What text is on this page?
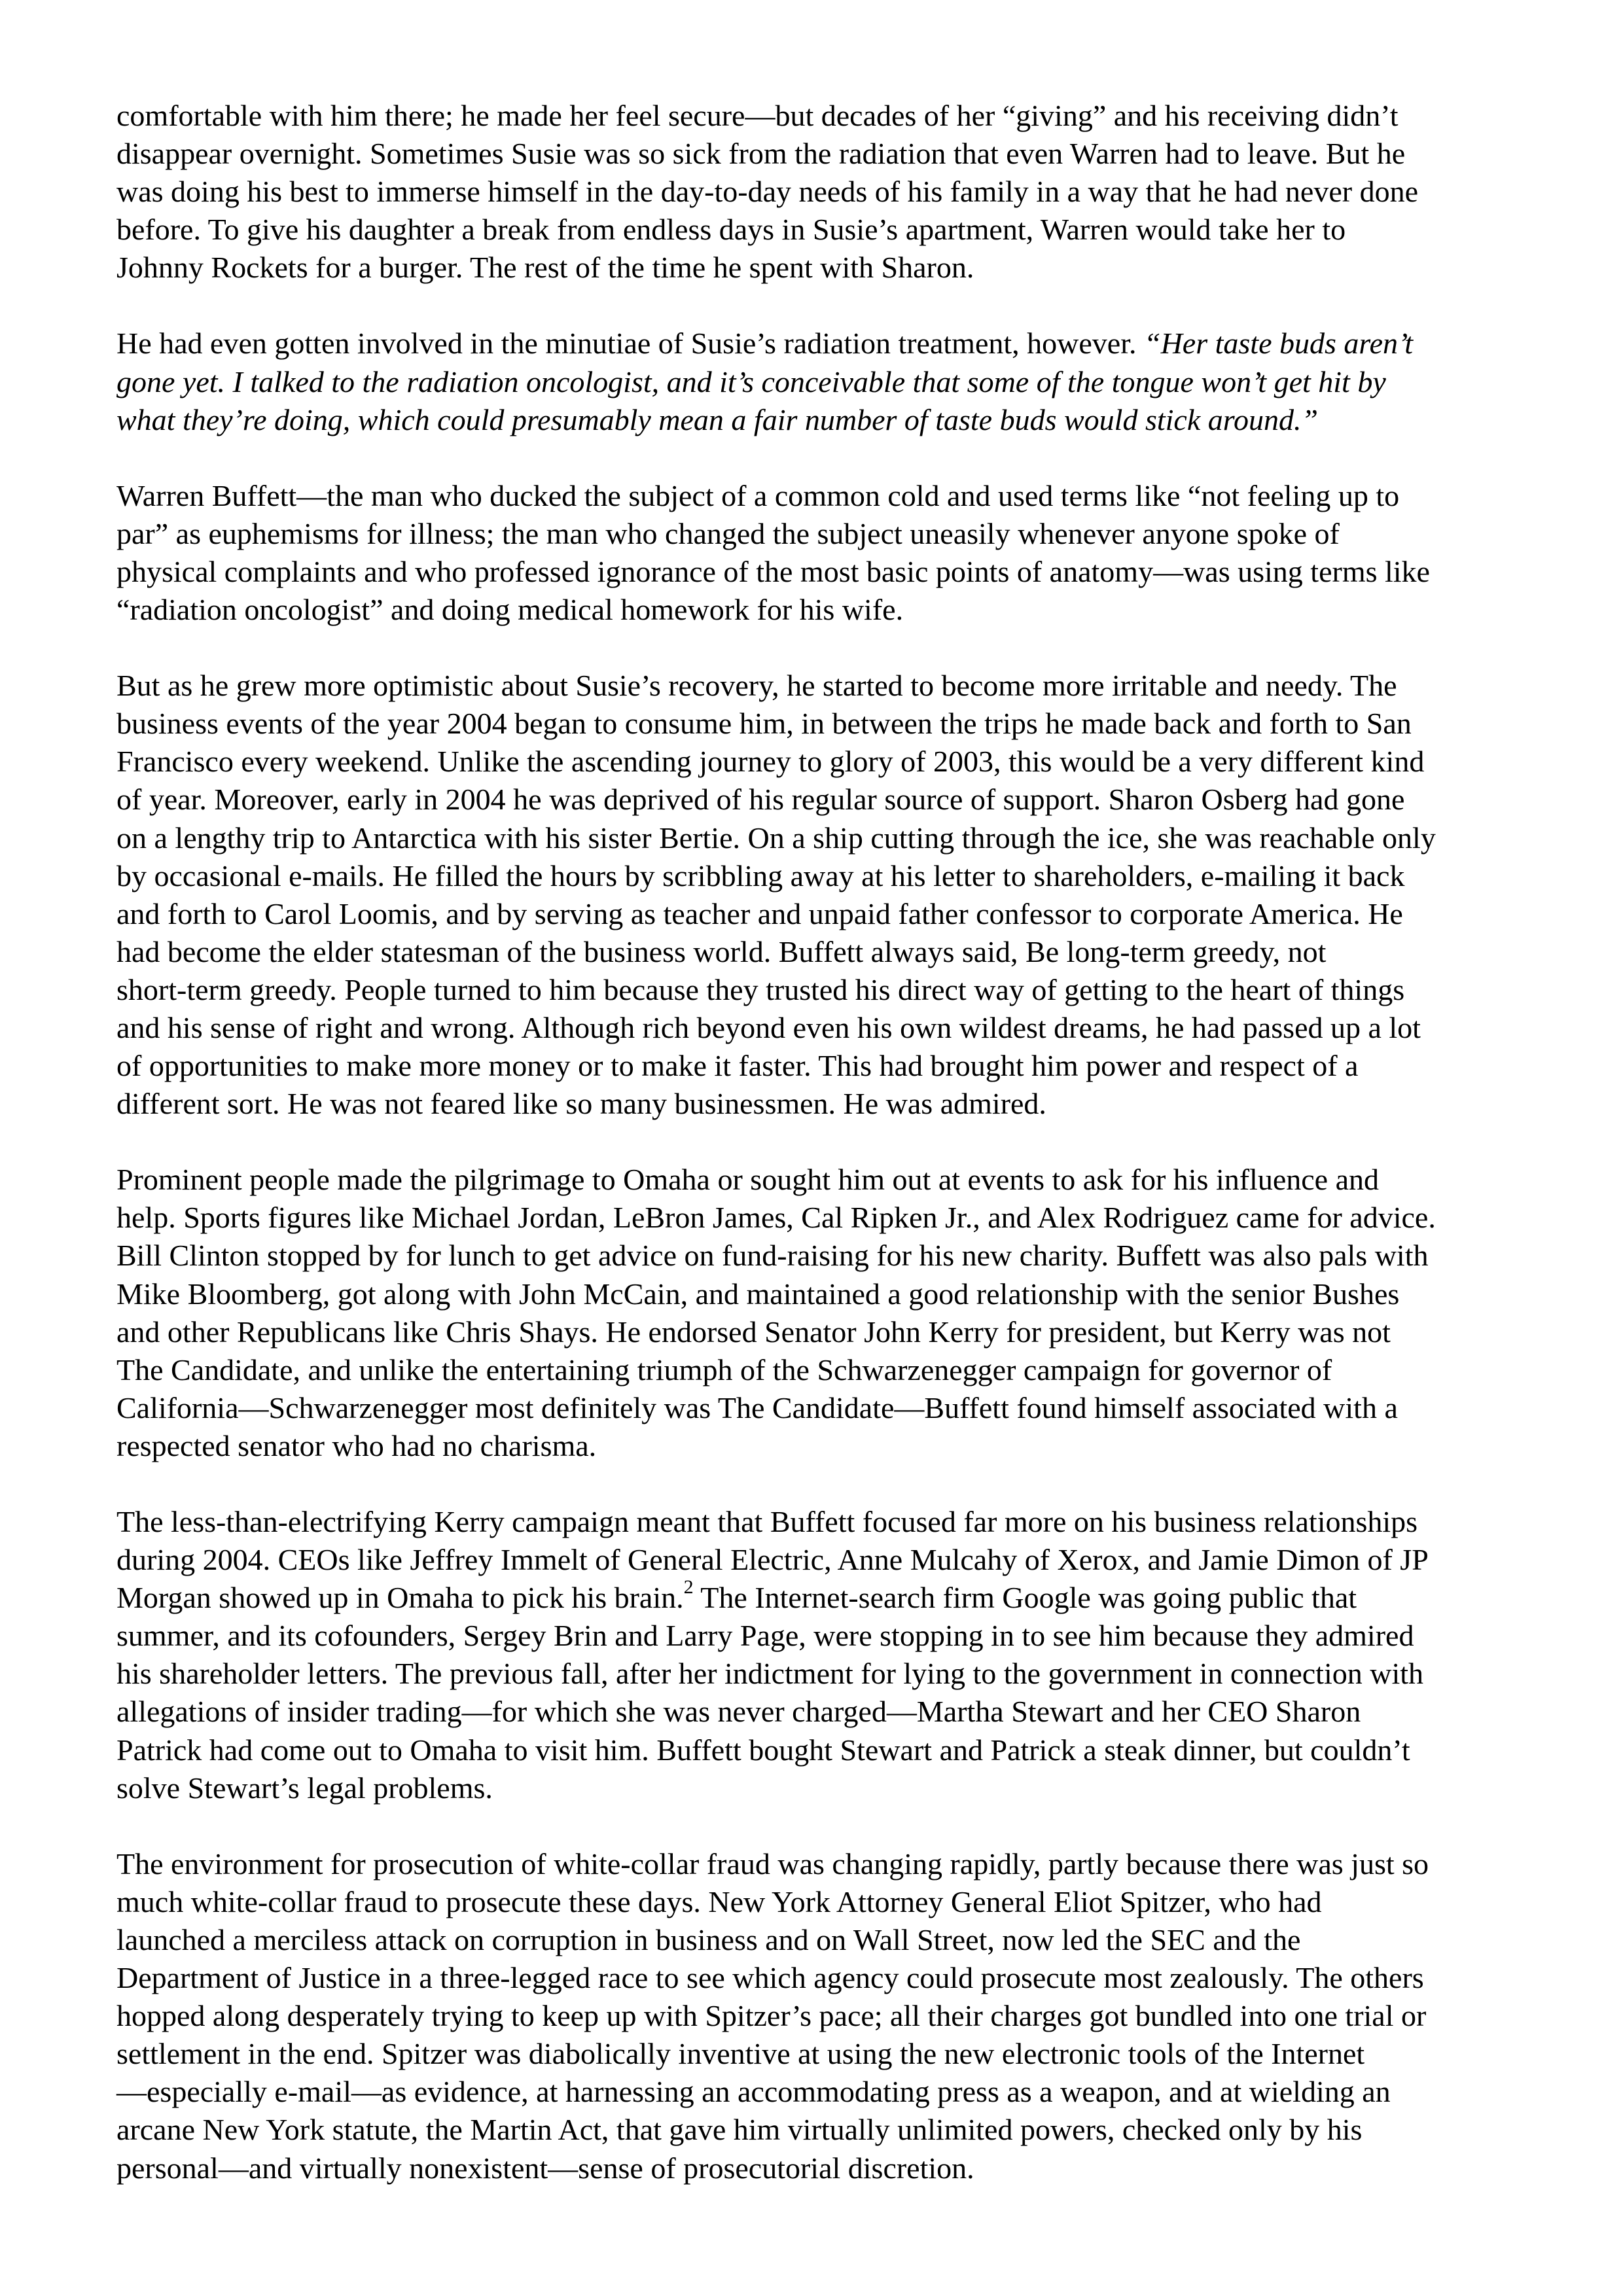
comfortable with him there; he made her feel secure—but decades of her “giving” and his receiving didn’t
disappear overnight. Sometimes Susie was so sick from the radiation that even Warren had to leave. But he
was doing his best to immerse himself in the day-to-day needs of his family in a way that he had never done
before. To give his daughter a break from endless days in Susie’s apartment, Warren would take her to
Johnny Rockets for a burger. The rest of the time he spent with Sharon.
He had even gotten involved in the minutiae of Susie’s radiation treatment, however. “Her taste buds aren’t
gone yet. I talked to the radiation oncologist, and it’s conceivable that some of the tongue won’t get hit by
what they’re doing, which could presumably mean a fair number of taste buds would stick around.”
Warren Buffett—the man who ducked the subject of a common cold and used terms like “not feeling up to
par” as euphemisms for illness; the man who changed the subject uneasily whenever anyone spoke of
physical complaints and who professed ignorance of the most basic points of anatomy—was using terms like
“radiation oncologist” and doing medical homework for his wife.
But as he grew more optimistic about Susie’s recovery, he started to become more irritable and needy. The
business events of the year 2004 began to consume him, in between the trips he made back and forth to San
Francisco every weekend. Unlike the ascending journey to glory of 2003, this would be a very different kind
of year. Moreover, early in 2004 he was deprived of his regular source of support. Sharon Osberg had gone
on a lengthy trip to Antarctica with his sister Bertie. On a ship cutting through the ice, she was reachable only
by occasional e-mails. He filled the hours by scribbling away at his letter to shareholders, e-mailing it back
and forth to Carol Loomis, and by serving as teacher and unpaid father confessor to corporate America. He
had become the elder statesman of the business world. Buffett always said, Be long-term greedy, not
short-term greedy. People turned to him because they trusted his direct way of getting to the heart of things
and his sense of right and wrong. Although rich beyond even his own wildest dreams, he had passed up a lot
of opportunities to make more money or to make it faster. This had brought him power and respect of a
different sort. He was not feared like so many businessmen. He was admired.
Prominent people made the pilgrimage to Omaha or sought him out at events to ask for his influence and
help. Sports figures like Michael Jordan, LeBron James, Cal Ripken Jr., and Alex Rodriguez came for advice.
Bill Clinton stopped by for lunch to get advice on fund-raising for his new charity. Buffett was also pals with
Mike Bloomberg, got along with John McCain, and maintained a good relationship with the senior Bushes
and other Republicans like Chris Shays. He endorsed Senator John Kerry for president, but Kerry was not
The Candidate, and unlike the entertaining triumph of the Schwarzenegger campaign for governor of
California—Schwarzenegger most definitely was The Candidate—Buffett found himself associated with a
respected senator who had no charisma.
The less-than-electrifying Kerry campaign meant that Buffett focused far more on his business relationships
during 2004. CEOs like Jeffrey Immelt of General Electric, Anne Mulcahy of Xerox, and Jamie Dimon of JP
Morgan showed up in Omaha to pick his brain.$^2$ The Internet-search firm Google was going public that
summer, and its cofounders, Sergey Brin and Larry Page, were stopping in to see him because they admired
his shareholder letters. The previous fall, after her indictment for lying to the government in connection with
allegations of insider trading—for which she was never charged—Martha Stewart and her CEO Sharon
Patrick had come out to Omaha to visit him. Buffett bought Stewart and Patrick a steak dinner, but couldn’t
solve Stewart’s legal problems.
The environment for prosecution of white-collar fraud was changing rapidly, partly because there was just so
much white-collar fraud to prosecute these days. New York Attorney General Eliot Spitzer, who had
launched a merciless attack on corruption in business and on Wall Street, now led the SEC and the
Department of Justice in a three-legged race to see which agency could prosecute most zealously. The others
hopped along desperately trying to keep up with Spitzer’s pace; all their charges got bundled into one trial or
settlement in the end. Spitzer was diabolically inventive at using the new electronic tools of the Internet
—especially e-mail—as evidence, at harnessing an accommodating press as a weapon, and at wielding an
arcane New York statute, the Martin Act, that gave him virtually unlimited powers, checked only by his
personal—and virtually nonexistent—sense of prosecutorial discretion.
